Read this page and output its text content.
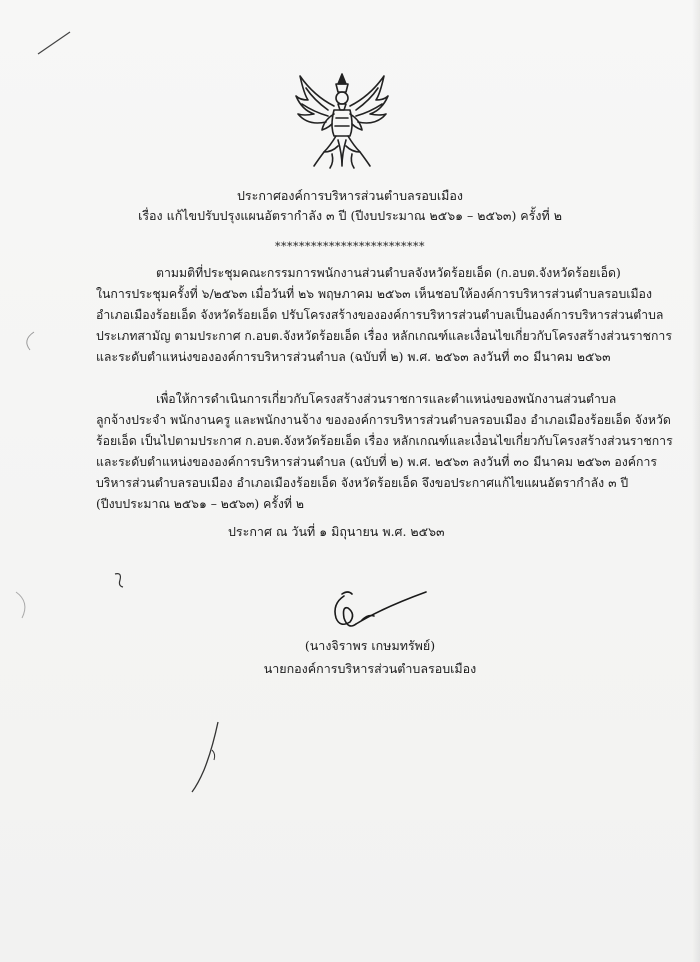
ประกาศองค์การบริหารส่วนตำบลรอบเมือง
เรื่อง แก้ไขปรับปรุงแผนอัตรากำลัง ๓ ปี (ปีงบประมาณ ๒๕๖๑ – ๒๕๖๓) ครั้งที่ ๒
*************************
ตามมติที่ประชุมคณะกรรมการพนักงานส่วนตำบลจังหวัดร้อยเอ็ด (ก.อบต.จังหวัดร้อยเอ็ด)
ในการประชุมครั้งที่ ๖/๒๕๖๓ เมื่อวันที่ ๒๖ พฤษภาคม ๒๕๖๓ เห็นชอบให้องค์การบริหารส่วนตำบลรอบเมือง
อำเภอเมืองร้อยเอ็ด จังหวัดร้อยเอ็ด ปรับโครงสร้างขององค์การบริหารส่วนตำบลเป็นองค์การบริหารส่วนตำบล
ประเภทสามัญ ตามประกาศ ก.อบต.จังหวัดร้อยเอ็ด เรื่อง หลักเกณฑ์และเงื่อนไขเกี่ยวกับโครงสร้างส่วนราชการ
และระดับตำแหน่งขององค์การบริหารส่วนตำบล (ฉบับที่ ๒) พ.ศ. ๒๕๖๓ ลงวันที่ ๓๐ มีนาคม ๒๕๖๓
เพื่อให้การดำเนินการเกี่ยวกับโครงสร้างส่วนราชการและตำแหน่งของพนักงานส่วนตำบล
ลูกจ้างประจำ พนักงานครู และพนักงานจ้าง ขององค์การบริหารส่วนตำบลรอบเมือง อำเภอเมืองร้อยเอ็ด จังหวัด
ร้อยเอ็ด เป็นไปตามประกาศ ก.อบต.จังหวัดร้อยเอ็ด เรื่อง หลักเกณฑ์และเงื่อนไขเกี่ยวกับโครงสร้างส่วนราชการ
และระดับตำแหน่งขององค์การบริหารส่วนตำบล (ฉบับที่ ๒) พ.ศ. ๒๕๖๓ ลงวันที่ ๓๐ มีนาคม ๒๕๖๓ องค์การ
บริหารส่วนตำบลรอบเมือง อำเภอเมืองร้อยเอ็ด จังหวัดร้อยเอ็ด จึงขอประกาศแก้ไขแผนอัตรากำลัง ๓ ปี
(ปีงบประมาณ ๒๕๖๑ – ๒๕๖๓) ครั้งที่ ๒
ประกาศ ณ วันที่ ๑ มิถุนายน พ.ศ. ๒๕๖๓
(นางจิราพร เกษมทรัพย์)
นายกองค์การบริหารส่วนตำบลรอบเมือง
